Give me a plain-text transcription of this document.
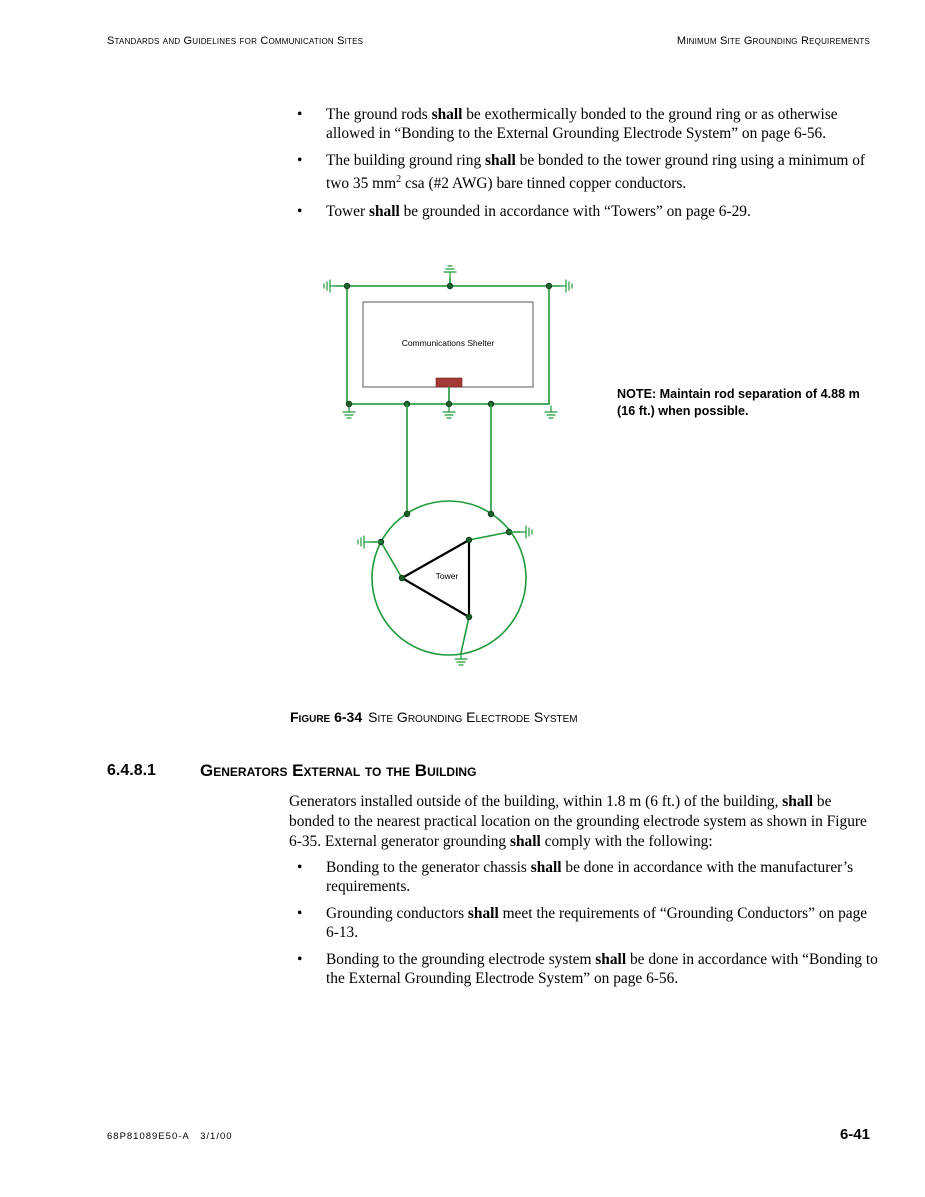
Standards and Guidelines for Communication Sites	Minimum Site Grounding Requirements
• The ground rods shall be exothermically bonded to the ground ring or as otherwise allowed in “Bonding to the External Grounding Electrode System” on page 6-56.
• The building ground ring shall be bonded to the tower ground ring using a minimum of two 35 $mm^2$ csa (#2 AWG) bare tinned copper conductors.
• Tower shall be grounded in accordance with “Towers” on page 6-29.
Communications Shelter
Tower

NOTE: Maintain rod separation of 4.88 m (16 ft.) when possible.

Figure 6-34 Site Grounding Electrode System
6.4.8.1	Generators External to the Building

Generators installed outside of the building, within 1.8 m (6 ft.) of the building, shall be bonded to the nearest practical location on the grounding electrode system as shown in Figure 6-35. External generator grounding shall comply with the following:

• Bonding to the generator chassis shall be done in accordance with the manufacturer’s requirements.
• Grounding conductors shall meet the requirements of “Grounding Conductors” on page 6-13.
• Bonding to the grounding electrode system shall be done in accordance with “Bonding to the External Grounding Electrode System” on page 6-56.
68P81089E50-A   3/1/00	6-41
